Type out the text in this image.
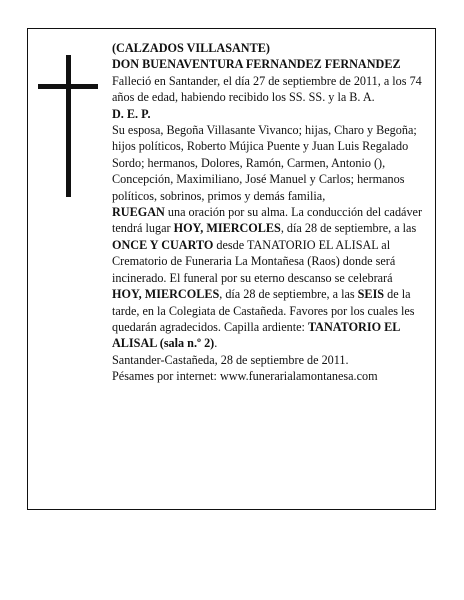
(CALZADOS VILLASANTE)

DON BUENAVENTURA FERNANDEZ FERNANDEZ

Falleció en Santander, el día 27 de septiembre de 2011, a los 74 años de edad, habiendo recibido los SS. SS. y la B. A.

D. E. P.

Su esposa, Begoña Villasante Vivanco; hijas, Charo y Begoña; hijos políticos, Roberto Mújica Puente y Juan Luis Regalado Sordo; hermanos, Dolores, Ramón, Carmen, Antonio (), Concepción, Maximiliano, José Manuel y Carlos; hermanos políticos, sobrinos, primos y demás familia,

RUEGAN una oración por su alma. La conducción del cadáver tendrá lugar HOY, MIERCOLES, día 28 de septiembre, a las ONCE Y CUARTO desde TANATORIO EL ALISAL al Crematorio de Funeraria La Montañesa (Raos) donde será incinerado. El funeral por su eterno descanso se celebrará HOY, MIERCOLES, día 28 de septiembre, a las SEIS de la tarde, en la Colegiata de Castañeda. Favores por los cuales les quedarán agradecidos. Capilla ardiente: TANATORIO EL ALISAL (sala n.º 2).

Santander-Castañeda, 28 de septiembre de 2011.

Pésames por internet: www.funerarialamontanesa.com
